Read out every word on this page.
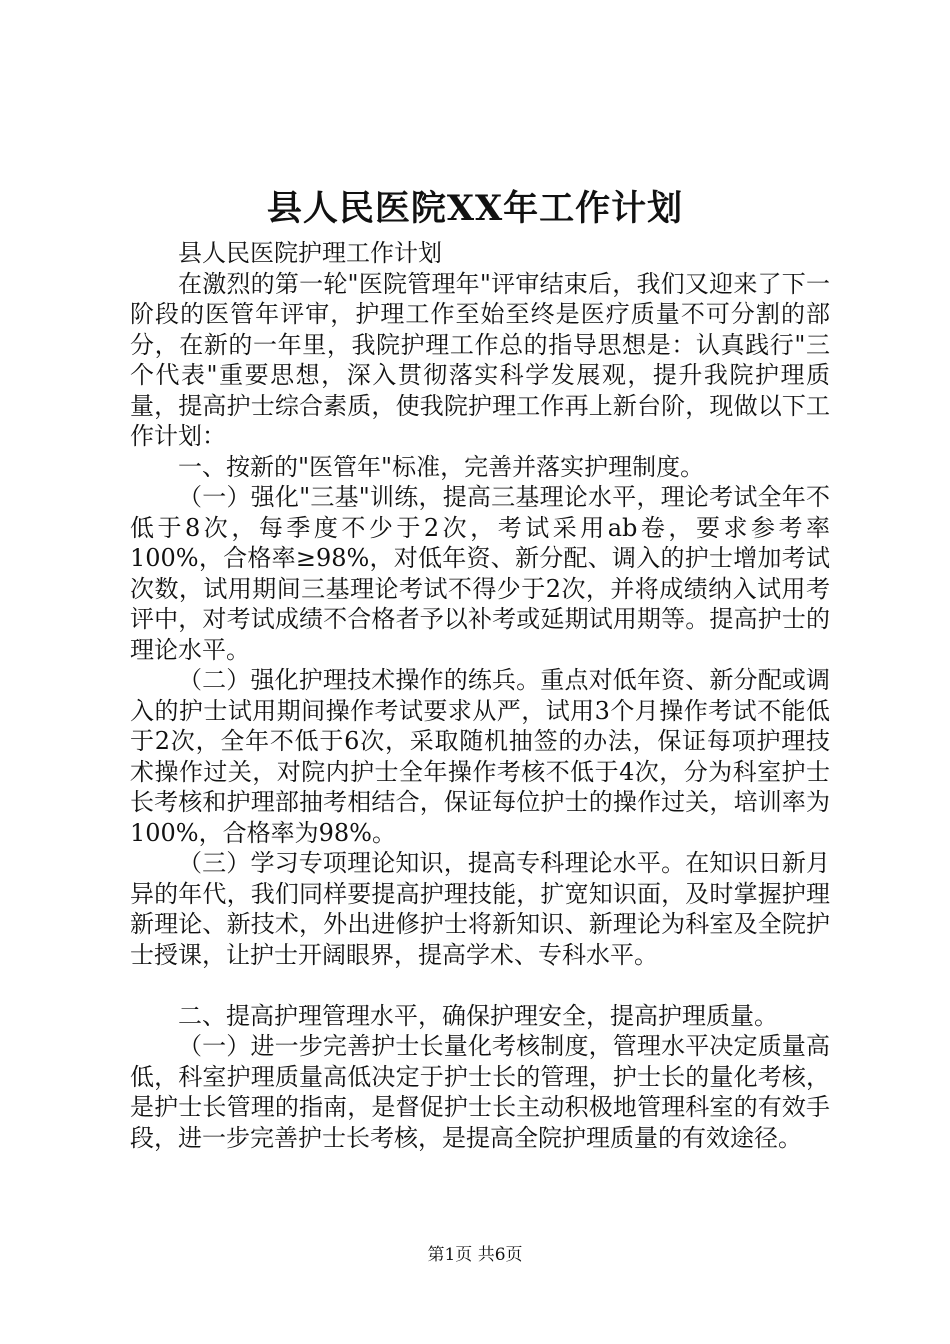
县人民医院XX年工作计划

县人民医院护理工作计划

在激烈的第一轮"医院管理年"评审结束后，我们又迎来了下一阶段的医管年评审，护理工作至始至终是医疗质量不可分割的部分，在新的一年里，我院护理工作总的指导思想是：认真践行"三个代表"重要思想，深入贯彻落实科学发展观，提升我院护理质量，提高护士综合素质，使我院护理工作再上新台阶，现做以下工作计划：

一、按新的"医管年"标准，完善并落实护理制度。

（一）强化"三基"训练，提高三基理论水平，理论考试全年不低于8次，每季度不少于2次，考试采用ab卷，要求参考率100%，合格率≥98%，对低年资、新分配、调入的护士增加考试次数，试用期间三基理论考试不得少于2次，并将成绩纳入试用考评中，对考试成绩不合格者予以补考或延期试用期等。提高护士的理论水平。

（二）强化护理技术操作的练兵。重点对低年资、新分配或调入的护士试用期间操作考试要求从严，试用3个月操作考试不能低于2次，全年不低于6次，采取随机抽签的办法，保证每项护理技术操作过关，对院内护士全年操作考核不低于4次，分为科室护士长考核和护理部抽考相结合，保证每位护士的操作过关，培训率为100%，合格率为98%。

（三）学习专项理论知识，提高专科理论水平。在知识日新月异的年代，我们同样要提高护理技能，扩宽知识面，及时掌握护理新理论、新技术，外出进修护士将新知识、新理论为科室及全院护士授课，让护士开阔眼界，提高学术、专科水平。

二、提高护理管理水平，确保护理安全，提高护理质量。

（一）进一步完善护士长量化考核制度，管理水平决定质量高低，科室护理质量高低决定于护士长的管理，护士长的量化考核，是护士长管理的指南，是督促护士长主动积极地管理科室的有效手段，进一步完善护士长考核，是提高全院护理质量的有效途径。

第1页 共6页
